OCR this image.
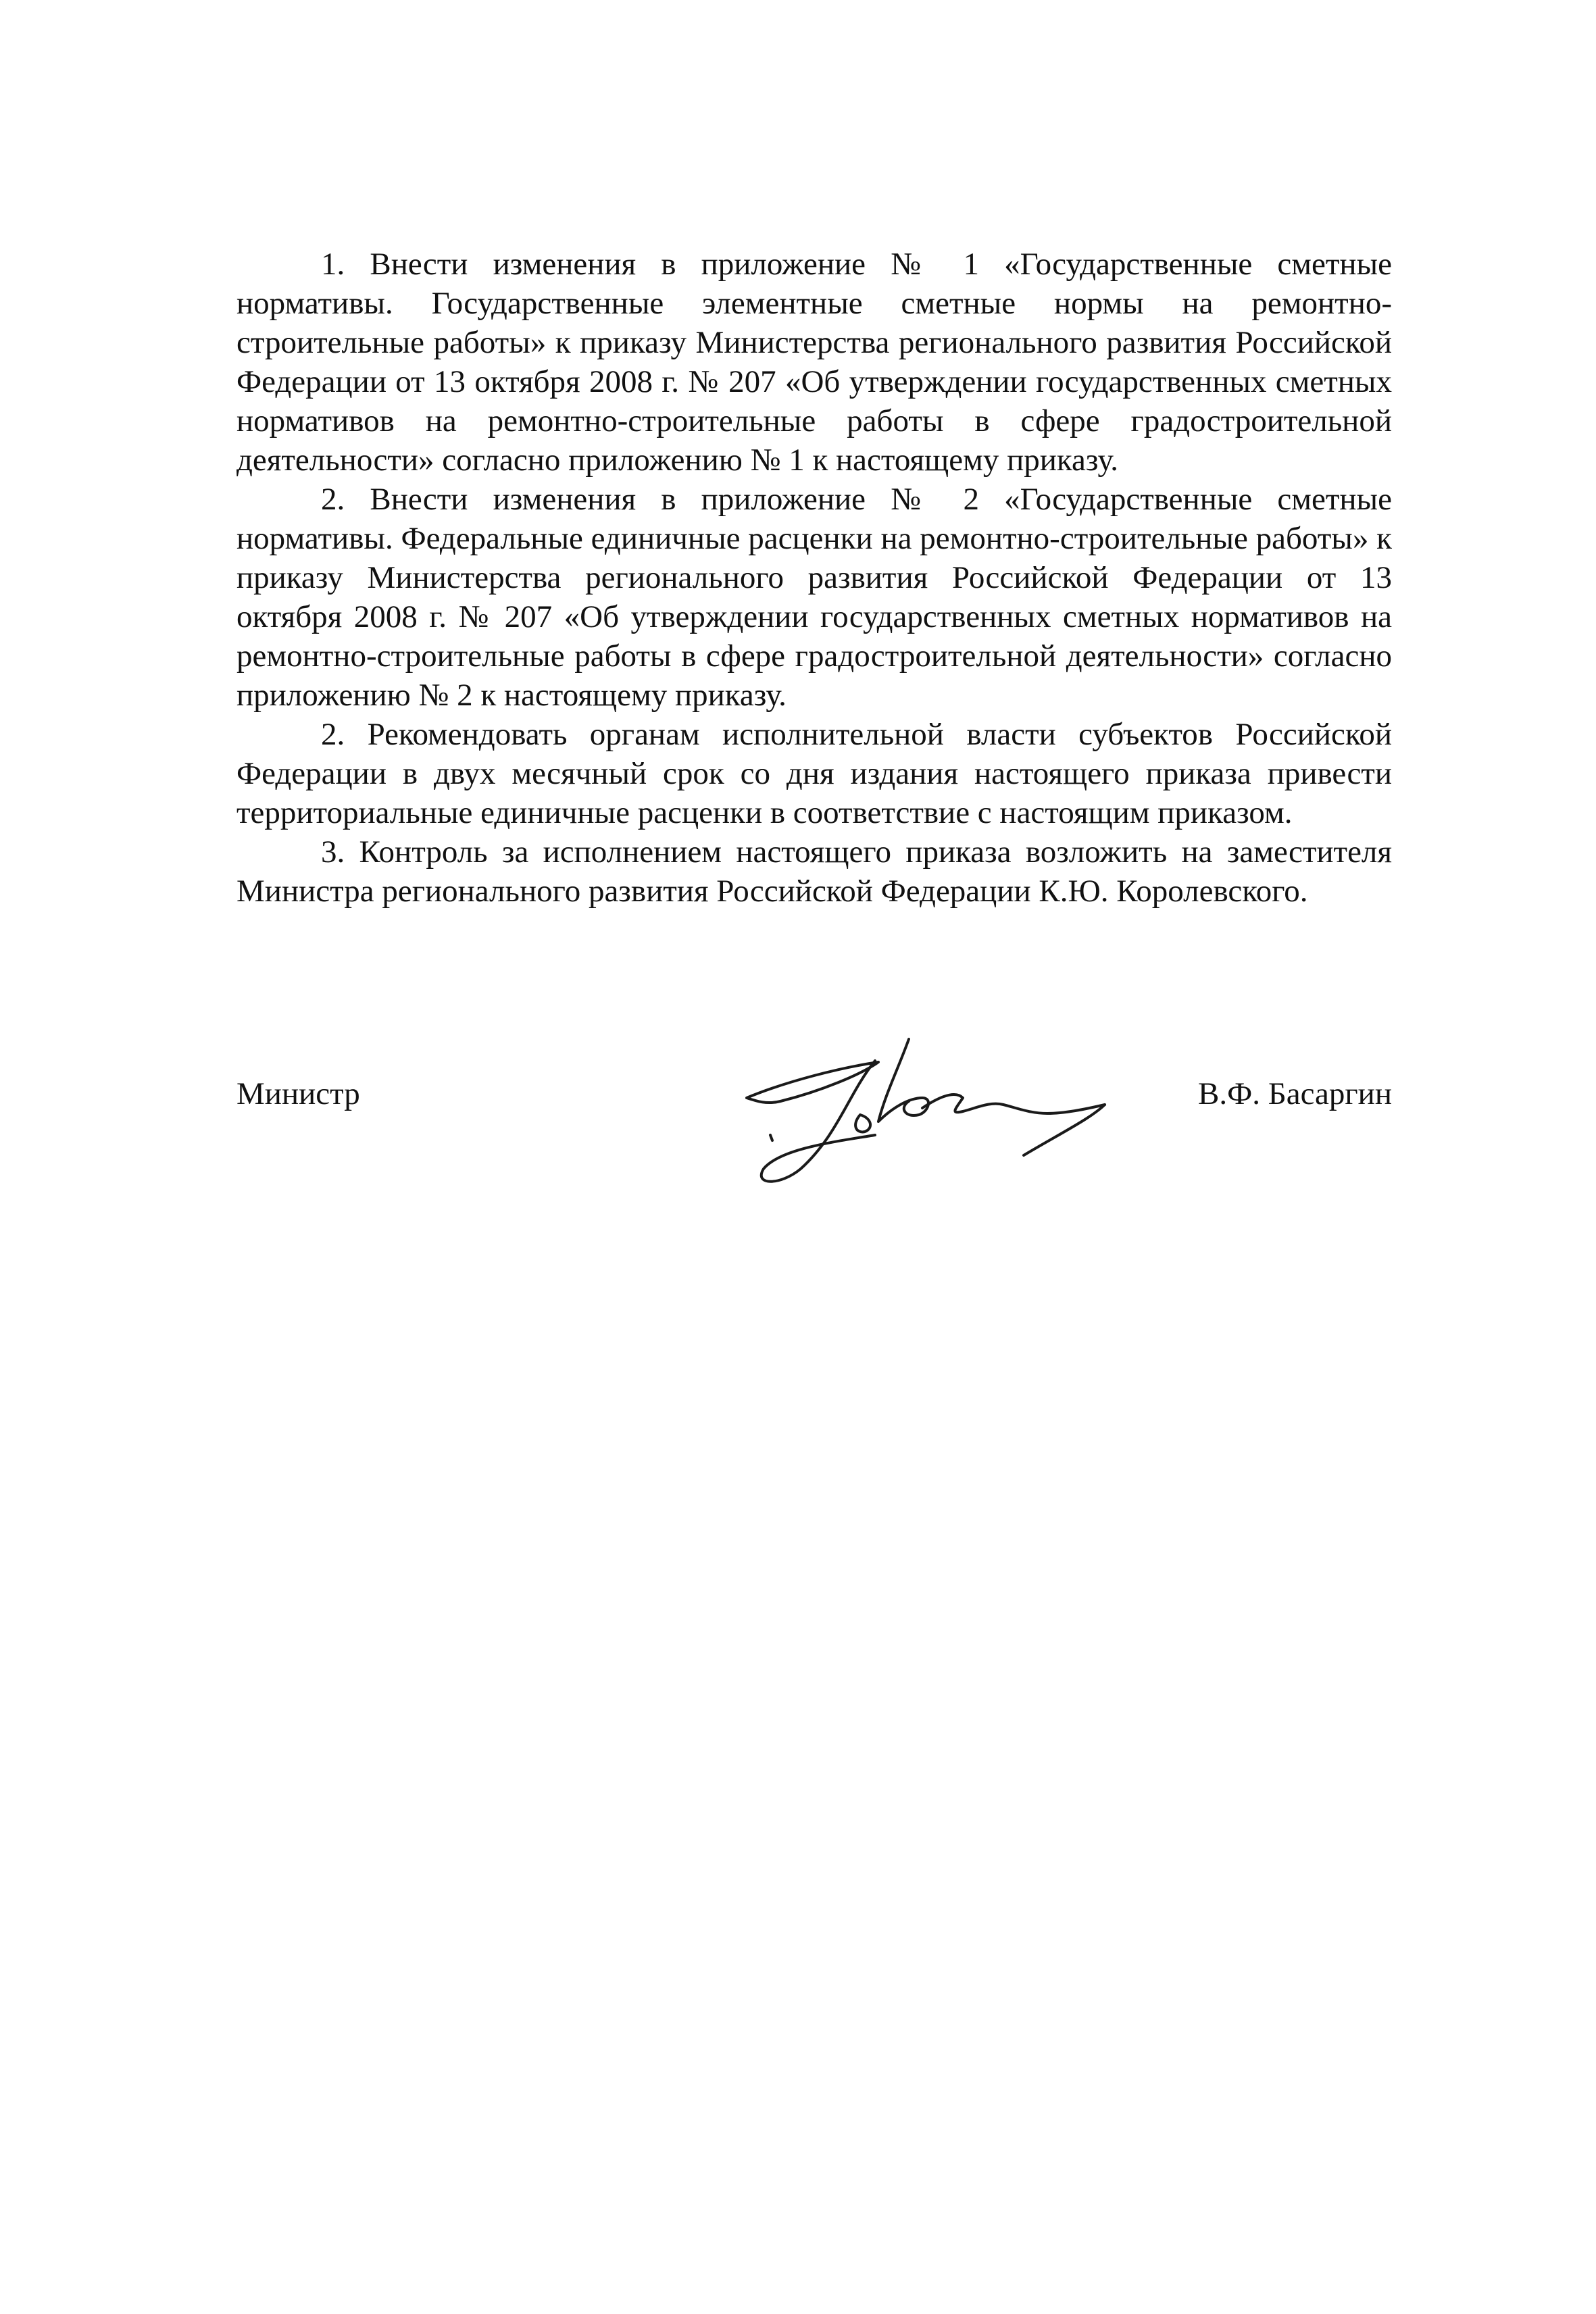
1. Внести изменения в приложение № 1 «Государственные сметные нормативы. Государственные элементные сметные нормы на ремонтно-строительные работы» к приказу Министерства регионального развития Российской Федерации от 13 октября 2008 г. № 207 «Об утверждении государственных сметных нормативов на ремонтно-строительные работы в сфере градостроительной деятельности» согласно приложению № 1 к настоящему приказу.

2. Внести изменения в приложение № 2 «Государственные сметные нормативы. Федеральные единичные расценки на ремонтно-строительные работы» к приказу Министерства регионального развития Российской Федерации от 13 октября 2008 г. № 207 «Об утверждении государственных сметных нормативов на ремонтно-строительные работы в сфере градостроительной деятельности» согласно приложению № 2 к настоящему приказу.

2. Рекомендовать органам исполнительной власти субъектов Российской Федерации в двух месячный срок со дня издания настоящего приказа привести территориальные единичные расценки в соответствие с настоящим приказом.

3. Контроль за исполнением настоящего приказа возложить на заместителя Министра регионального развития Российской Федерации К.Ю. Королевского.

Министр	В.Ф. Басаргин
